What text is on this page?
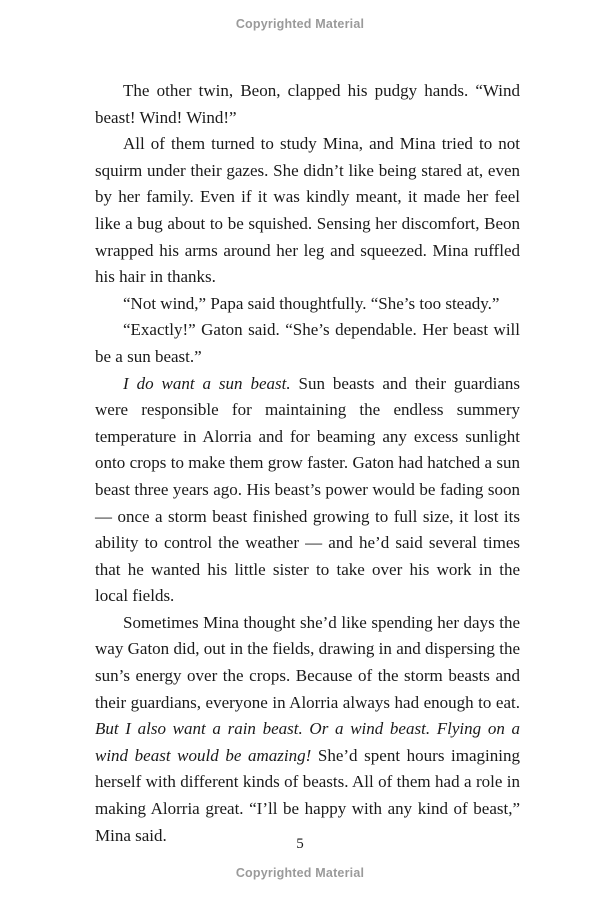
Copyrighted Material

The other twin, Beon, clapped his pudgy hands. “Wind beast! Wind! Wind!”

All of them turned to study Mina, and Mina tried to not squirm under their gazes. She didn’t like being stared at, even by her family. Even if it was kindly meant, it made her feel like a bug about to be squished. Sensing her discomfort, Beon wrapped his arms around her leg and squeezed. Mina ruffled his hair in thanks.

“Not wind,” Papa said thoughtfully. “She’s too steady.”

“Exactly!” Gaton said. “She’s dependable. Her beast will be a sun beast.”

I do want a sun beast. Sun beasts and their guardians were responsible for maintaining the endless summery temperature in Alorria and for beaming any excess sunlight onto crops to make them grow faster. Gaton had hatched a sun beast three years ago. His beast’s power would be fading soon — once a storm beast finished growing to full size, it lost its ability to control the weather — and he’d said several times that he wanted his little sister to take over his work in the local fields.

Sometimes Mina thought she’d like spending her days the way Gaton did, out in the fields, drawing in and dispersing the sun’s energy over the crops. Because of the storm beasts and their guardians, everyone in Alorria always had enough to eat. But I also want a rain beast. Or a wind beast. Flying on a wind beast would be amazing! She’d spent hours imagining herself with different kinds of beasts. All of them had a role in making Alorria great. “I’ll be happy with any kind of beast,” Mina said.	5
Copyrighted Material
